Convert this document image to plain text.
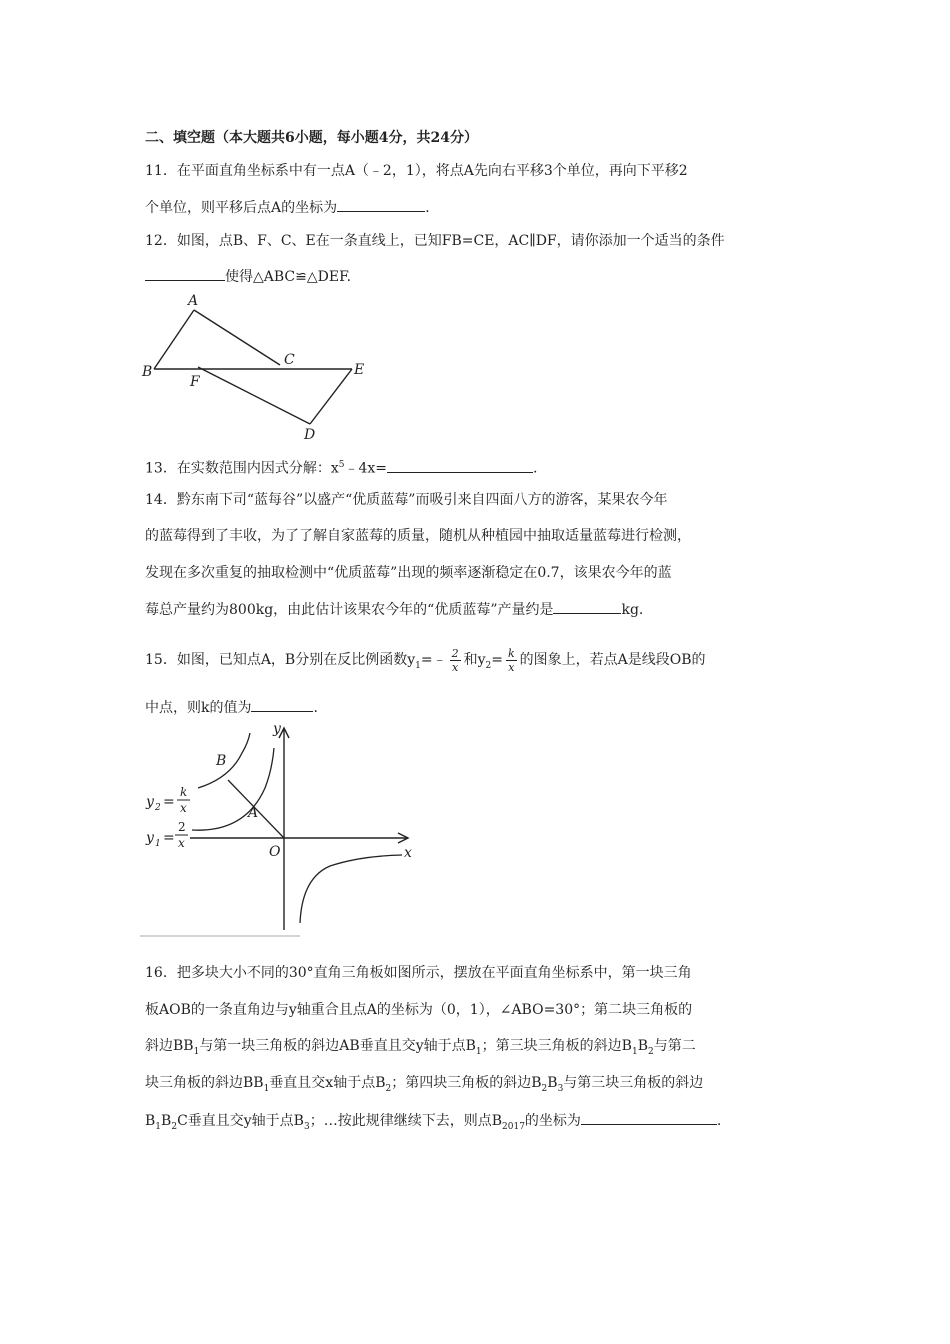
二、填空题（本大题共6小题，每小题4分，共24分）
11．在平面直角坐标系中有一点A（﹣2，1），将点A先向右平移3个单位，再向下平移2
个单位，则平移后点A的坐标为	.
12．如图，点B、F、C、E在一条直线上，已知FB=CE，AC∥DF，请你添加一个适当的条件
使得△ABC≌△DEF.
A
B
C
D
E
F
13．在实数范围内因式分解：$x^5﹣4x=$	.
14．黔东南下司“蓝每谷”以盛产“优质蓝莓”而吸引来自四面八方的游客，某果农今年
的蓝莓得到了丰收，为了了解自家蓝莓的质量，随机从种植园中抽取适量蓝莓进行检测，
发现在多次重复的抽取检测中“优质蓝莓”出现的频率逐渐稳定在0.7，该果农今年的蓝
莓总产量约为800kg，由此估计该果农今年的“优质蓝莓”产量约是	kg.
15．如图，已知点A，B分别在反比例函数$y_1=﹣ \frac{2}{x}$ 和$y_2= \frac{k}{x}$ 的图象上，若点A是线段OB的
中点，则k的值为	.
y
x
O
A
B
y 2 =
k
x
y 1 =
2
x
16．把多块大小不同的30°直角三角板如图所示，摆放在平面直角坐标系中，第一块三角
板AOB的一条直角边与y轴重合且点A的坐标为（0，1），∠ABO=30°；第二块三角板的
斜边$BB_1$与第一块三角板的斜边AB垂直且交y轴于点$B_1$；第三块三角板的斜边$B_1B_2$与第二
块三角板的斜边$BB_1$垂直且交x轴于点$B_2$；第四块三角板的斜边$B_2B_3$与第三块三角板的斜边
$B_1B_2C$垂直且交y轴于点$B_3$；…按此规律继续下去，则点$B_{2017}$的坐标为	.
